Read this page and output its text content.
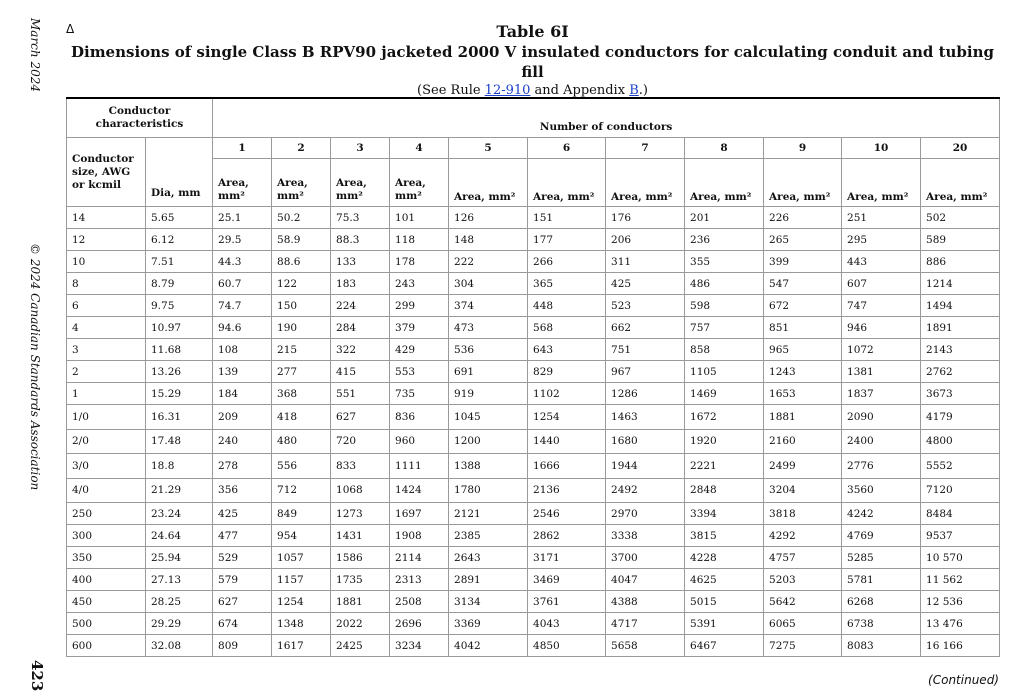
March 2024
© 2024 Canadian Standards Association
423
Δ	Table 6I
Dimensions of single Class B RPV90 jacketed 2000 V insulated conductors for calculating conduit and tubing fill
(See Rule 12-910 and Appendix B.)
Conductor characteristics		Number of conductors										
Conductor size, AWG or kcmil	Dia, mm	1	2	3	4	5	6	7	8	9	10	20

		Area, mm²	Area, mm²	Area, mm²	Area, mm²	Area, mm²	Area, mm²	Area, mm²	Area, mm²	Area, mm²	Area, mm²	Area, mm²
14	5.65	25.1	50.2	75.3	101	126	151	176	201	226	251	502
12	6.12	29.5	58.9	88.3	118	148	177	206	236	265	295	589
10	7.51	44.3	88.6	133	178	222	266	311	355	399	443	886
8	8.79	60.7	122	183	243	304	365	425	486	547	607	1214
6	9.75	74.7	150	224	299	374	448	523	598	672	747	1494
4	10.97	94.6	190	284	379	473	568	662	757	851	946	1891
3	11.68	108	215	322	429	536	643	751	858	965	1072	2143
2	13.26	139	277	415	553	691	829	967	1105	1243	1381	2762
1	15.29	184	368	551	735	919	1102	1286	1469	1653	1837	3673
1/0	16.31	209	418	627	836	1045	1254	1463	1672	1881	2090	4179
2/0	17.48	240	480	720	960	1200	1440	1680	1920	2160	2400	4800
3/0	18.8	278	556	833	1111	1388	1666	1944	2221	2499	2776	5552
4/0	21.29	356	712	1068	1424	1780	2136	2492	2848	3204	3560	7120
250	23.24	425	849	1273	1697	2121	2546	2970	3394	3818	4242	8484
300	24.64	477	954	1431	1908	2385	2862	3338	3815	4292	4769	9537
350	25.94	529	1057	1586	2114	2643	3171	3700	4228	4757	5285	10 570
400	27.13	579	1157	1735	2313	2891	3469	4047	4625	5203	5781	11 562
450	28.25	627	1254	1881	2508	3134	3761	4388	5015	5642	6268	12 536
500	29.29	674	1348	2022	2696	3369	4043	4717	5391	6065	6738	13 476
600	32.08	809	1617	2425	3234	4042	4850	5658	6467	7275	8083	16 166
(Continued)
